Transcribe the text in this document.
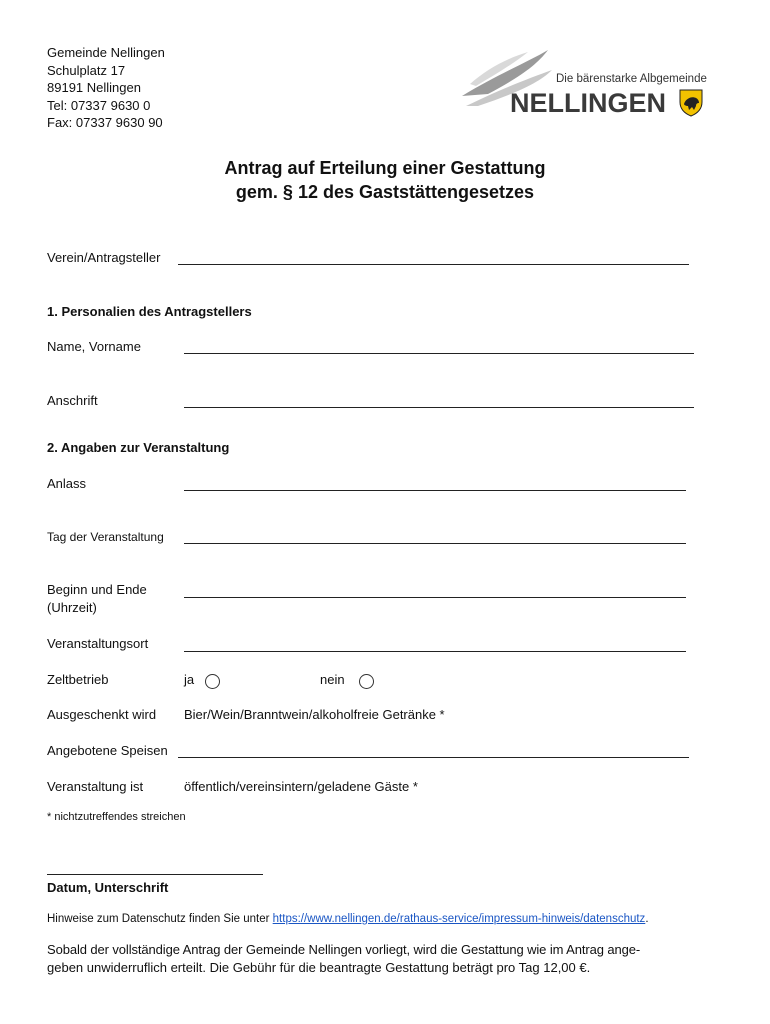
Gemeinde Nellingen
Schulplatz 17
89191 Nellingen
Tel: 07337 9630 0
Fax: 07337 9630 90
Die bärenstarke Albgemeinde
NELLINGEN
Antrag auf Erteilung einer Gestattung
gem. § 12 des Gaststättengesetzes
Verein/Antragsteller
1. Personalien des Antragstellers
Name, Vorname
Anschrift
2. Angaben zur Veranstaltung
Anlass
Tag der Veranstaltung
Beginn und Ende
(Uhrzeit)
Veranstaltungsort
Zeltbetrieb	ja	nein
Ausgeschenkt wird Bier/Wein/Branntwein/alkoholfreie Getränke *
Angebotene Speisen
Veranstaltung ist	öffentlich/vereinsintern/geladene Gäste *
* nichtzutreffendes streichen
Datum, Unterschrift
Hinweise zum Datenschutz finden Sie unter https://www.nellingen.de/rathaus-service/impressum-hinweis/datenschutz.
Sobald der vollständige Antrag der Gemeinde Nellingen vorliegt, wird die Gestattung wie im Antrag ange-
geben unwiderruflich erteilt. Die Gebühr für die beantragte Gestattung beträgt pro Tag 12,00 €.
